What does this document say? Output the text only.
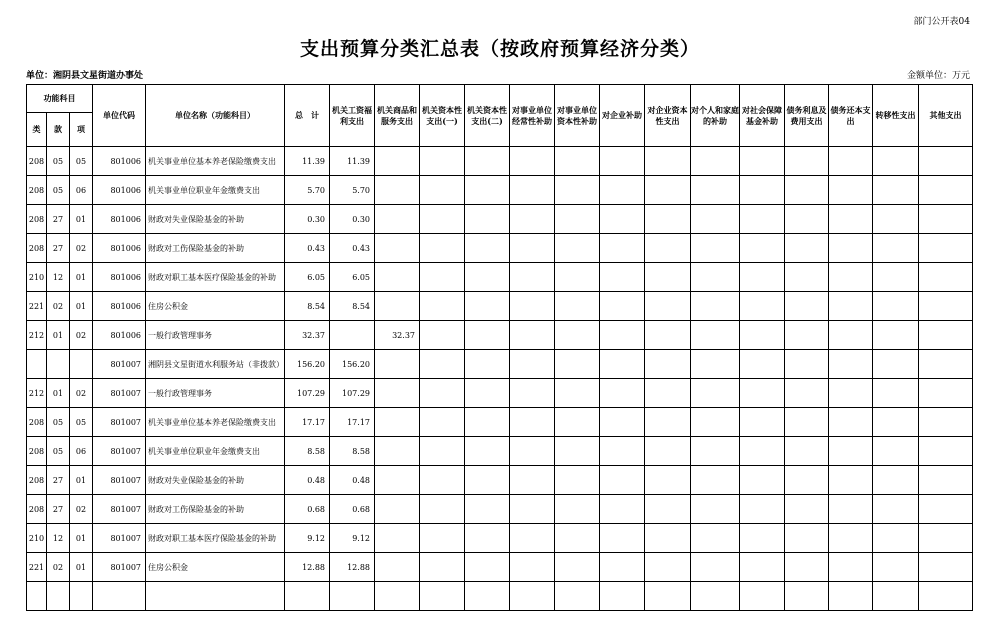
部门公开表04
支出预算分类汇总表（按政府预算经济分类）
单位：湘阴县文星街道办事处	金额单位：万元
功能科目			单位代码	单位名称（功能科目）	总　计	机关工资福利支出	机关商品和服务支出	机关资本性支出(一)	机关资本性支出(二)	对事业单位经常性补助	对事业单位资本性补助	对企业补助	对企业资本性支出	对个人和家庭的补助	对社会保障基金补助	债务利息及费用支出	债务还本支出	转移性支出	其他支出
类	款	项																	
208	05	05	801006	机关事业单位基本养老保险缴费支出	11.39	11.39													
208	05	06	801006	机关事业单位职业年金缴费支出	5.70	5.70													
208	27	01	801006	财政对失业保险基金的补助	0.30	0.30													
208	27	02	801006	财政对工伤保险基金的补助	0.43	0.43													
210	12	01	801006	财政对职工基本医疗保险基金的补助	6.05	6.05													
221	02	01	801006	住房公积金	8.54	8.54													
212	01	02	801006	一般行政管理事务	32.37		32.37												
			801007	湘阴县文星街道水利服务站（非拨款）	156.20	156.20													
212	01	02	801007	一般行政管理事务	107.29	107.29													
208	05	05	801007	机关事业单位基本养老保险缴费支出	17.17	17.17													
208	05	06	801007	机关事业单位职业年金缴费支出	8.58	8.58													
208	27	01	801007	财政对失业保险基金的补助	0.48	0.48													
208	27	02	801007	财政对工伤保险基金的补助	0.68	0.68													
210	12	01	801007	财政对职工基本医疗保险基金的补助	9.12	9.12													
221	02	01	801007	住房公积金	12.88	12.88													
